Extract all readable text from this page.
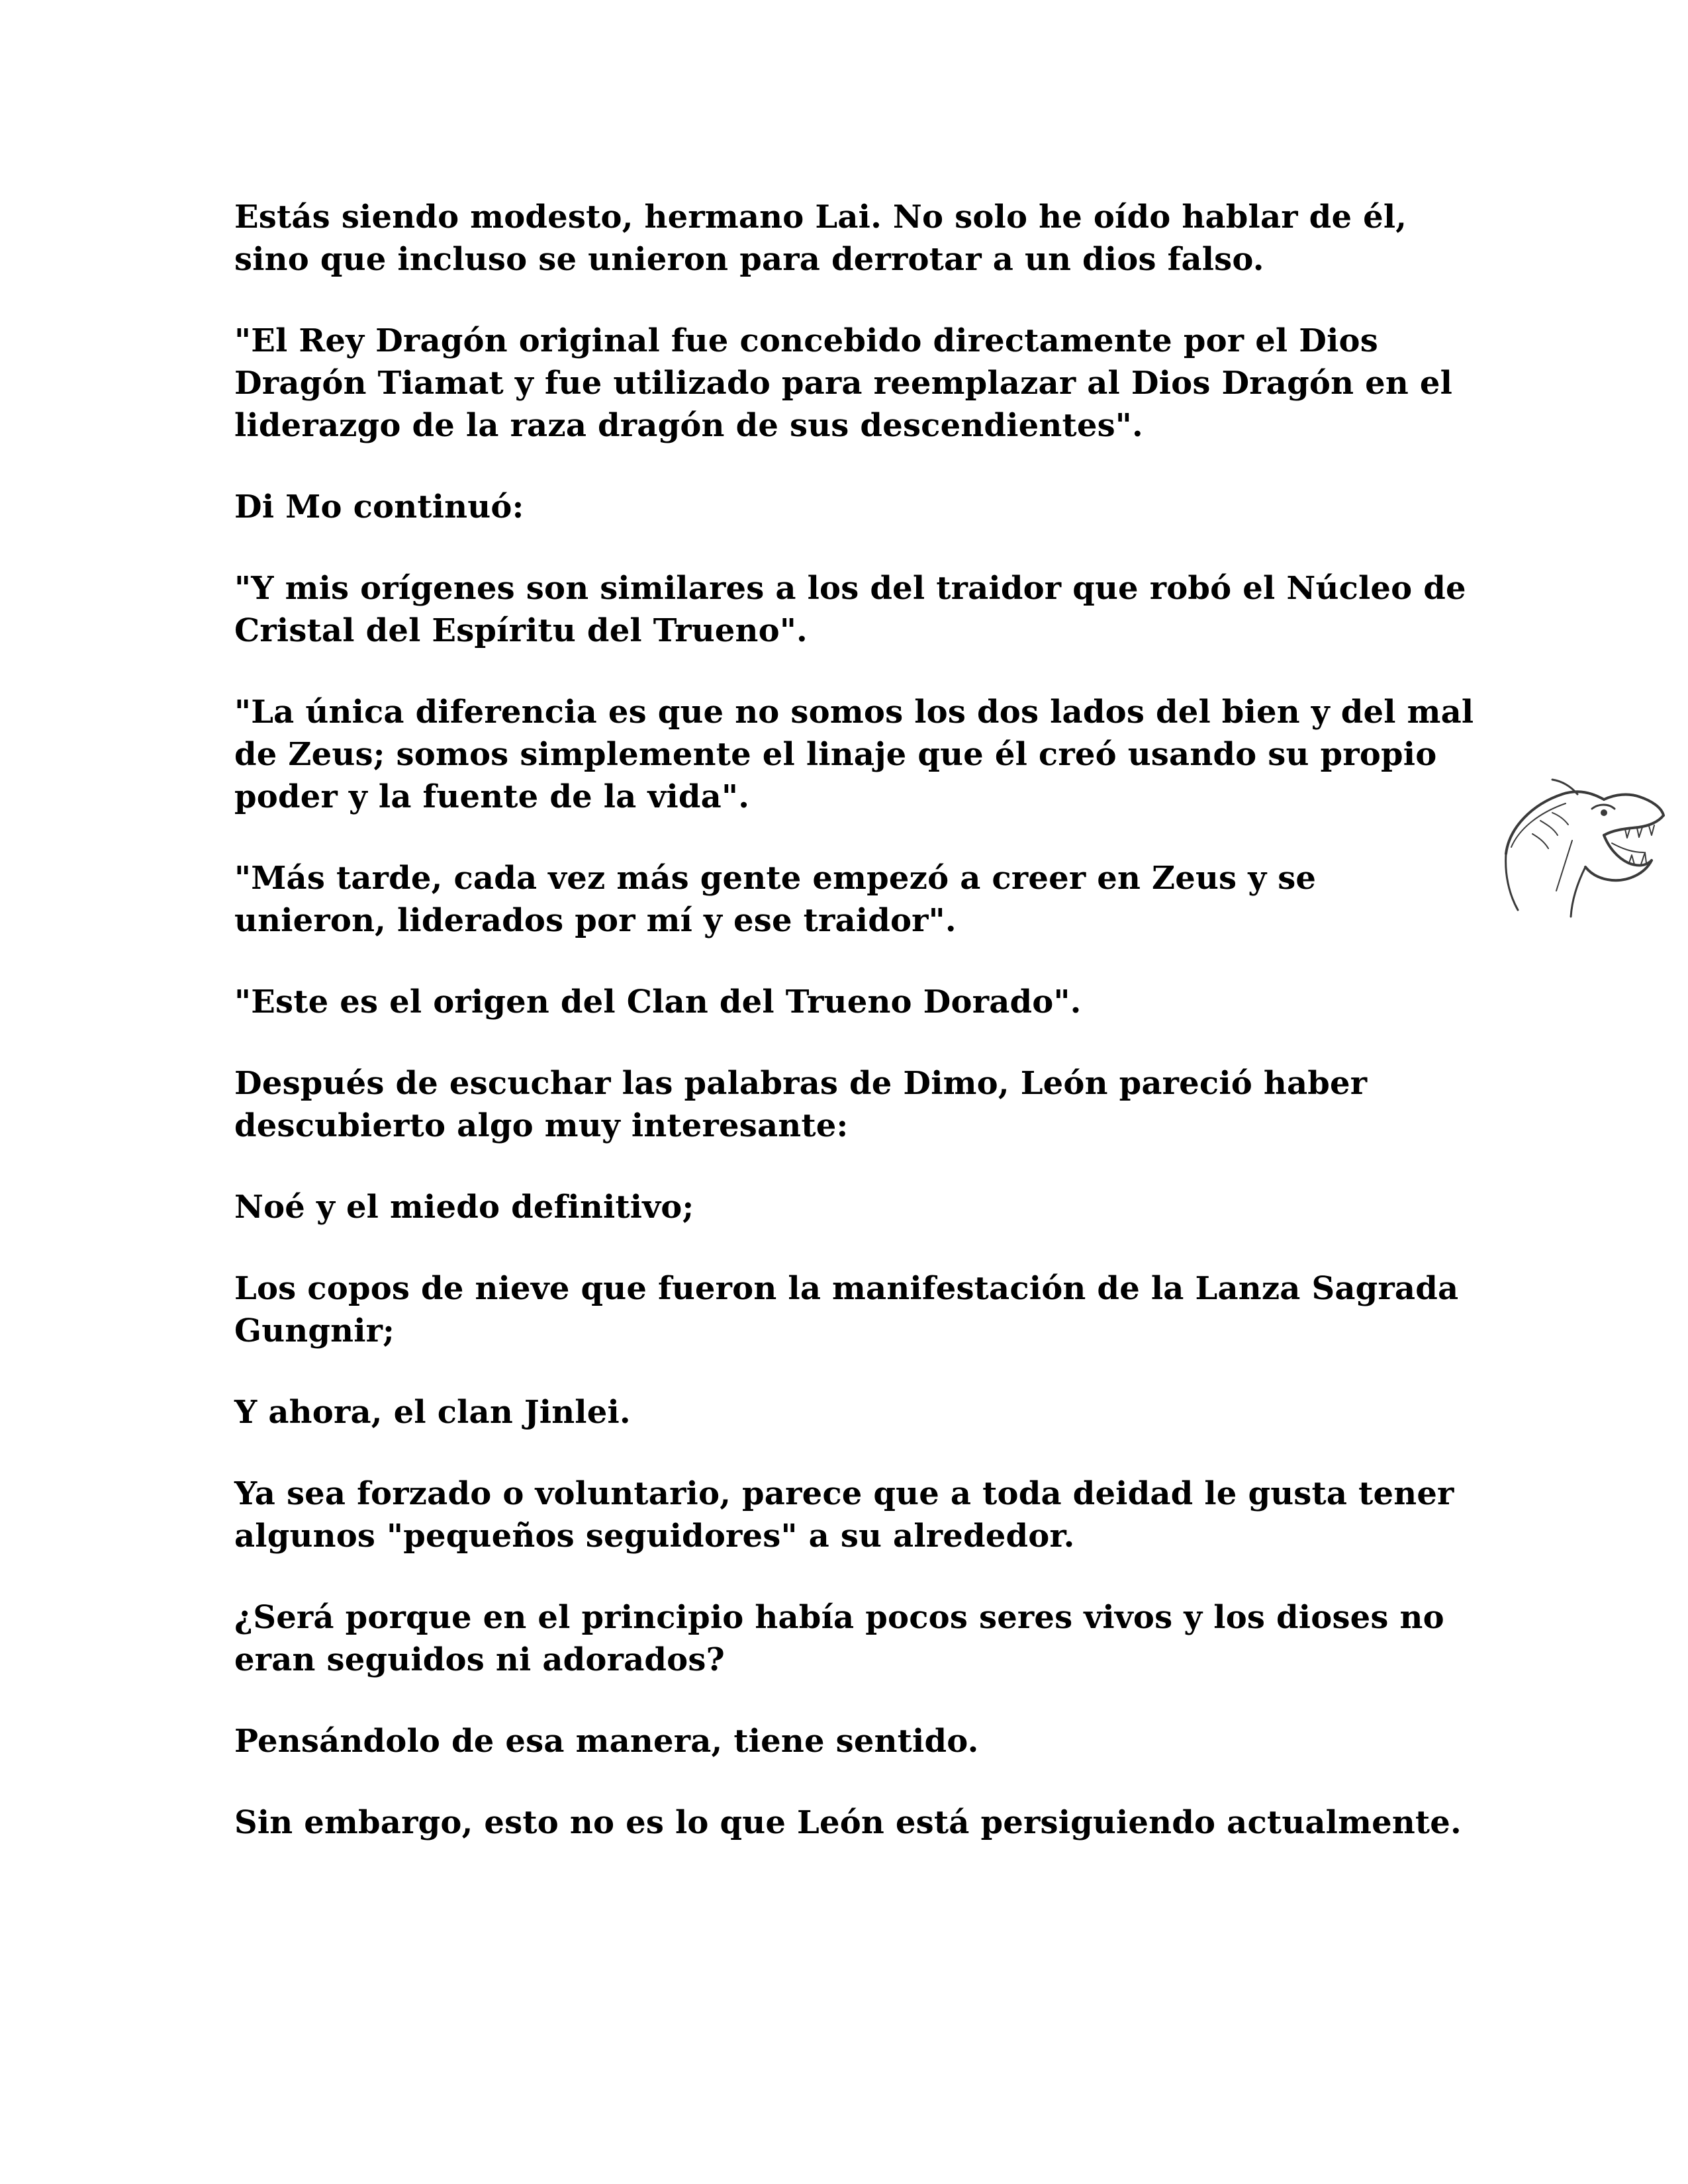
Estás siendo modesto, hermano Lai. No solo he oído hablar de él, sino que incluso se unieron para derrotar a un dios falso.

"El Rey Dragón original fue concebido directamente por el Dios Dragón Tiamat y fue utilizado para reemplazar al Dios Dragón en el liderazgo de la raza dragón de sus descendientes".

Di Mo continuó:

"Y mis orígenes son similares a los del traidor que robó el Núcleo de Cristal del Espíritu del Trueno".

"La única diferencia es que no somos los dos lados del bien y del mal de Zeus; somos simplemente el linaje que él creó usando su propio poder y la fuente de la vida".

"Más tarde, cada vez más gente empezó a creer en Zeus y se unieron, liderados por mí y ese traidor".

"Este es el origen del Clan del Trueno Dorado".

Después de escuchar las palabras de Dimo, León pareció haber descubierto algo muy interesante:

Noé y el miedo definitivo;

Los copos de nieve que fueron la manifestación de la Lanza Sagrada Gungnir;

Y ahora, el clan Jinlei.

Ya sea forzado o voluntario, parece que a toda deidad le gusta tener algunos "pequeños seguidores" a su alrededor.

¿Será porque en el principio había pocos seres vivos y los dioses no eran seguidos ni adorados?

Pensándolo de esa manera, tiene sentido.

Sin embargo, esto no es lo que León está persiguiendo actualmente.
